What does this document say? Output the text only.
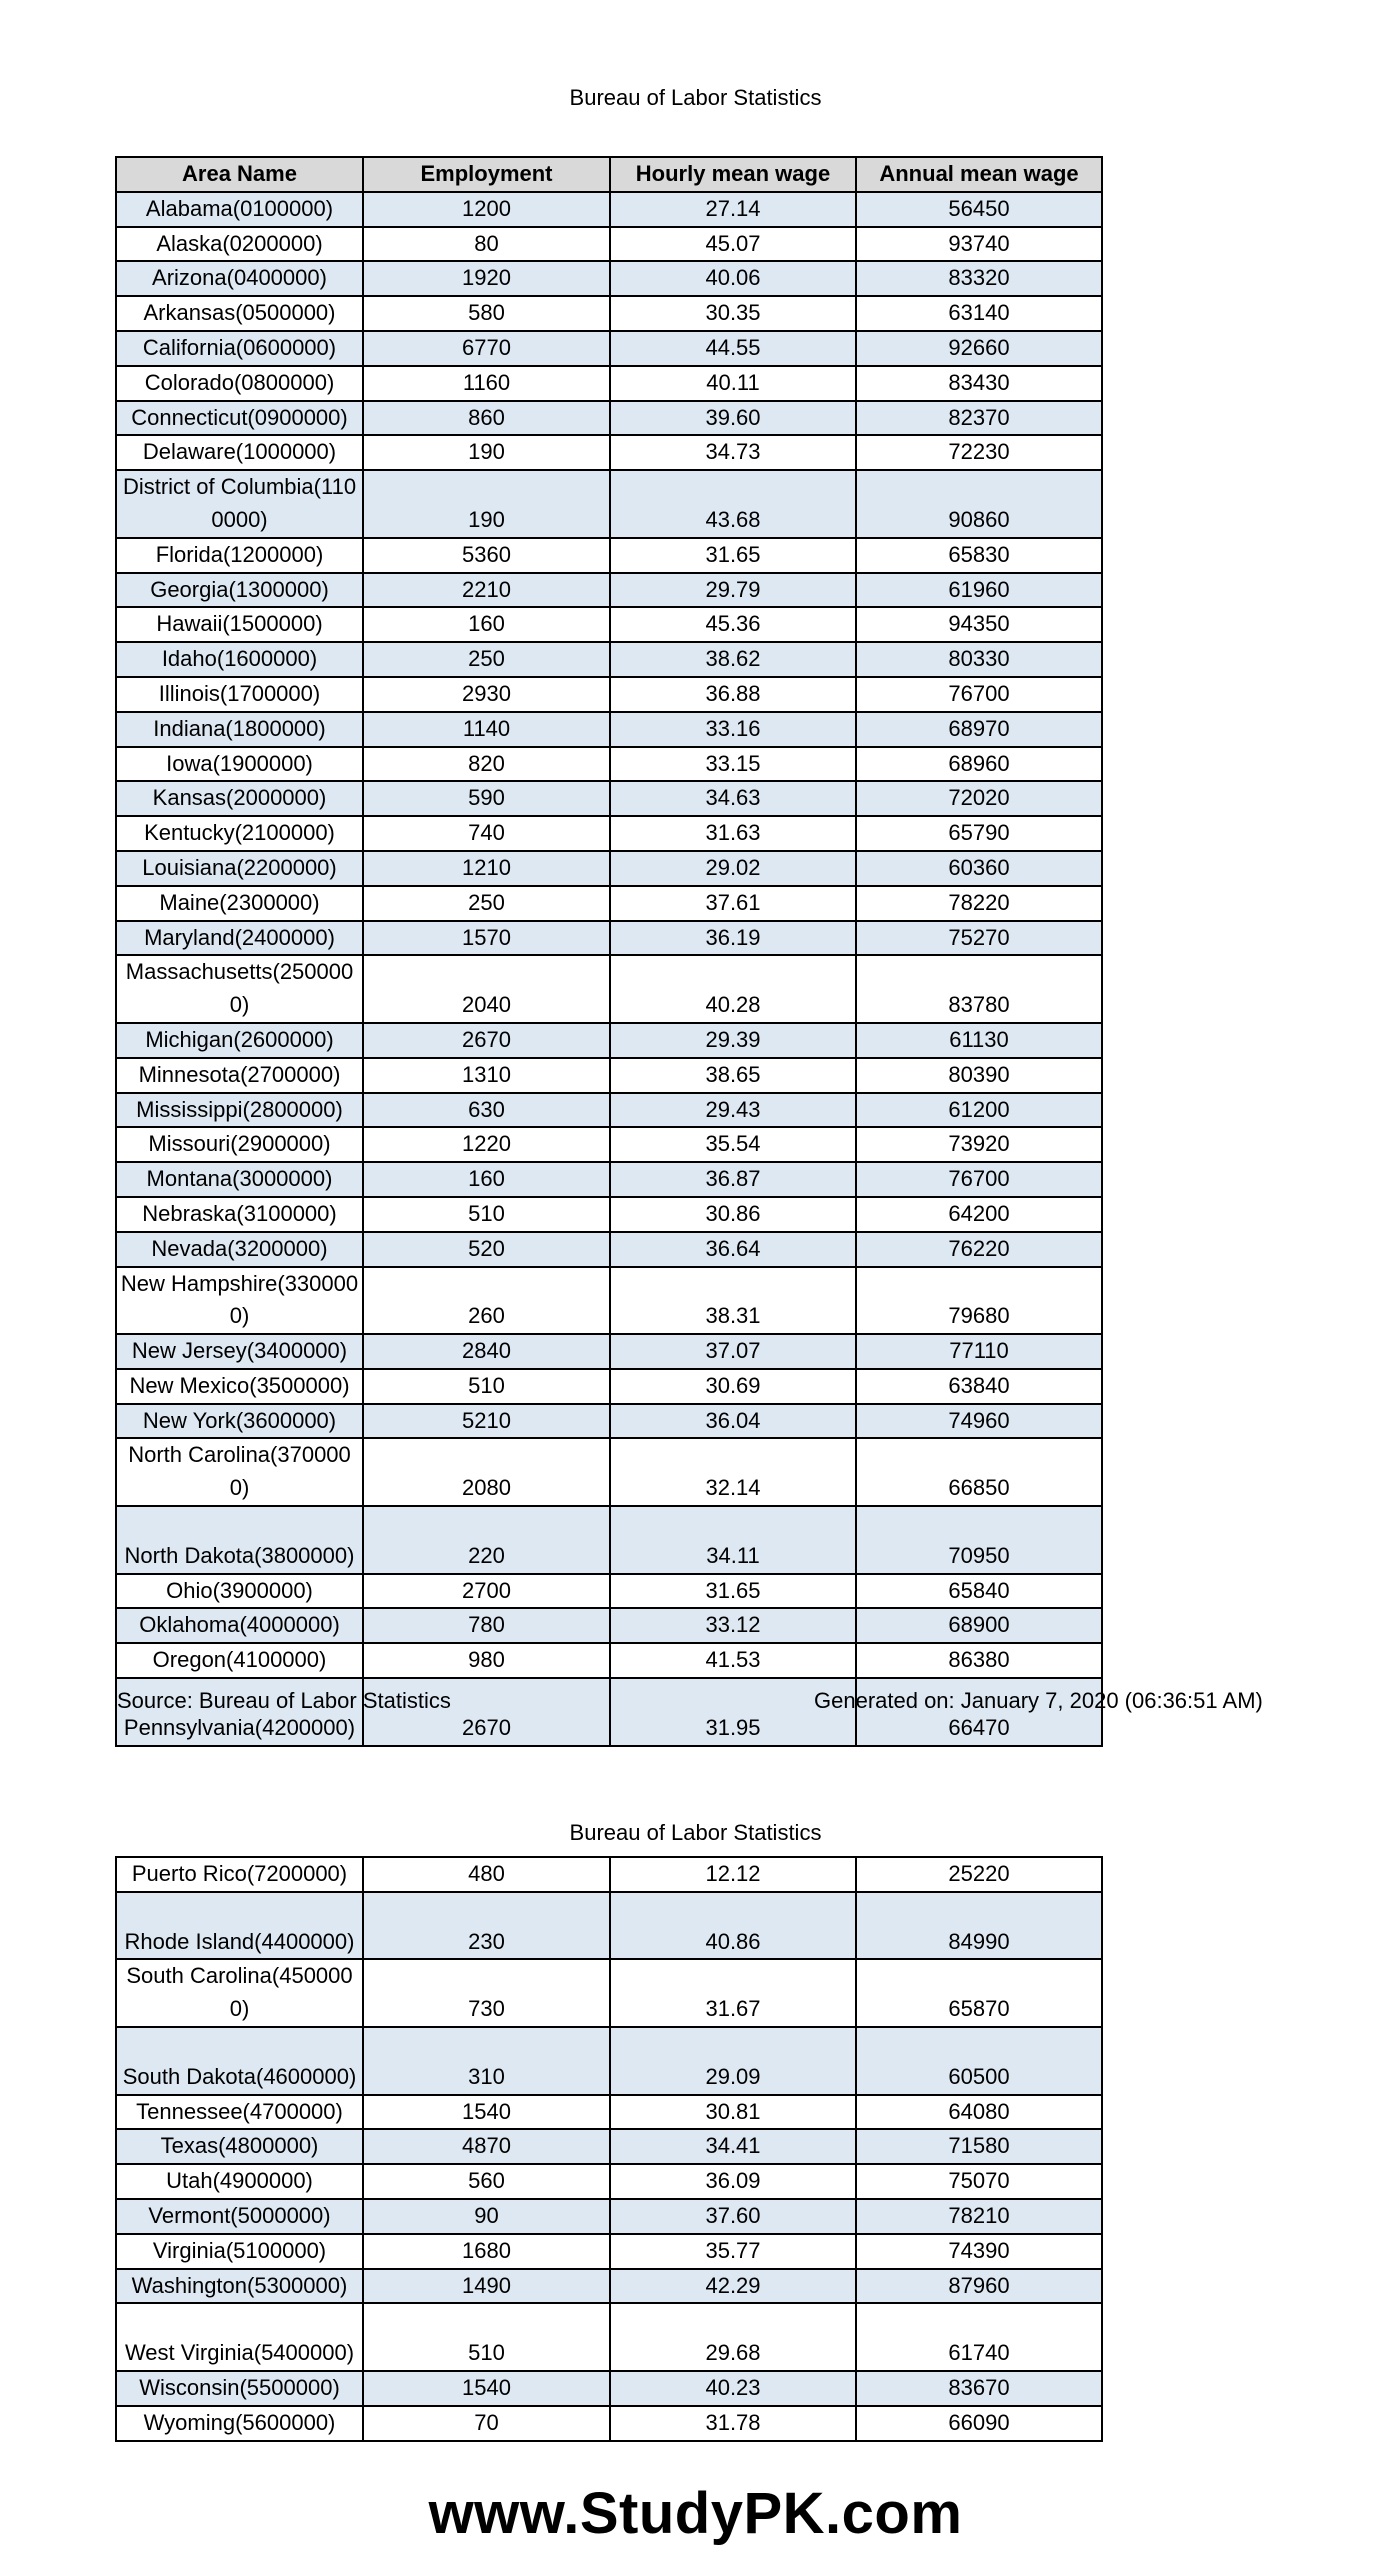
Bureau of Labor Statistics
Area Name	Employment	Hourly mean wage	Annual mean wage
Alabama(0100000)	1200	27.14	56450
Alaska(0200000)	80	45.07	93740
Arizona(0400000)	1920	40.06	83320
Arkansas(0500000)	580	30.35	63140
California(0600000)	6770	44.55	92660
Colorado(0800000)	1160	40.11	83430
Connecticut(0900000)	860	39.60	82370
Delaware(1000000)	190	34.73	72230
District of Columbia(1100000)	190	43.68	90860
Florida(1200000)	5360	31.65	65830
Georgia(1300000)	2210	29.79	61960
Hawaii(1500000)	160	45.36	94350
Idaho(1600000)	250	38.62	80330
Illinois(1700000)	2930	36.88	76700
Indiana(1800000)	1140	33.16	68970
Iowa(1900000)	820	33.15	68960
Kansas(2000000)	590	34.63	72020
Kentucky(2100000)	740	31.63	65790
Louisiana(2200000)	1210	29.02	60360
Maine(2300000)	250	37.61	78220
Maryland(2400000)	1570	36.19	75270
Massachusetts(2500000)	2040	40.28	83780
Michigan(2600000)	2670	29.39	61130
Minnesota(2700000)	1310	38.65	80390
Mississippi(2800000)	630	29.43	61200
Missouri(2900000)	1220	35.54	73920
Montana(3000000)	160	36.87	76700
Nebraska(3100000)	510	30.86	64200
Nevada(3200000)	520	36.64	76220
New Hampshire(3300000)	260	38.31	79680
New Jersey(3400000)	2840	37.07	77110
New Mexico(3500000)	510	30.69	63840
New York(3600000)	5210	36.04	74960
North Carolina(3700000)	2080	32.14	66850
North Dakota(3800000)	220	34.11	70950
Ohio(3900000)	2700	31.65	65840
Oklahoma(4000000)	780	33.12	68900
Oregon(4100000)	980	41.53	86380
Pennsylvania(4200000)	2670	31.95	66470
Source: Bureau of Labor Statistics	Generated on: January 7, 2020 (06:36:51 AM)
Bureau of Labor Statistics
Puerto Rico(7200000)	480	12.12	25220
Rhode Island(4400000)	230	40.86	84990
South Carolina(4500000)	730	31.67	65870
South Dakota(4600000)	310	29.09	60500
Tennessee(4700000)	1540	30.81	64080
Texas(4800000)	4870	34.41	71580
Utah(4900000)	560	36.09	75070
Vermont(5000000)	90	37.60	78210
Virginia(5100000)	1680	35.77	74390
Washington(5300000)	1490	42.29	87960
West Virginia(5400000)	510	29.68	61740
Wisconsin(5500000)	1540	40.23	83670
Wyoming(5600000)	70	31.78	66090
www.StudyPK.com
